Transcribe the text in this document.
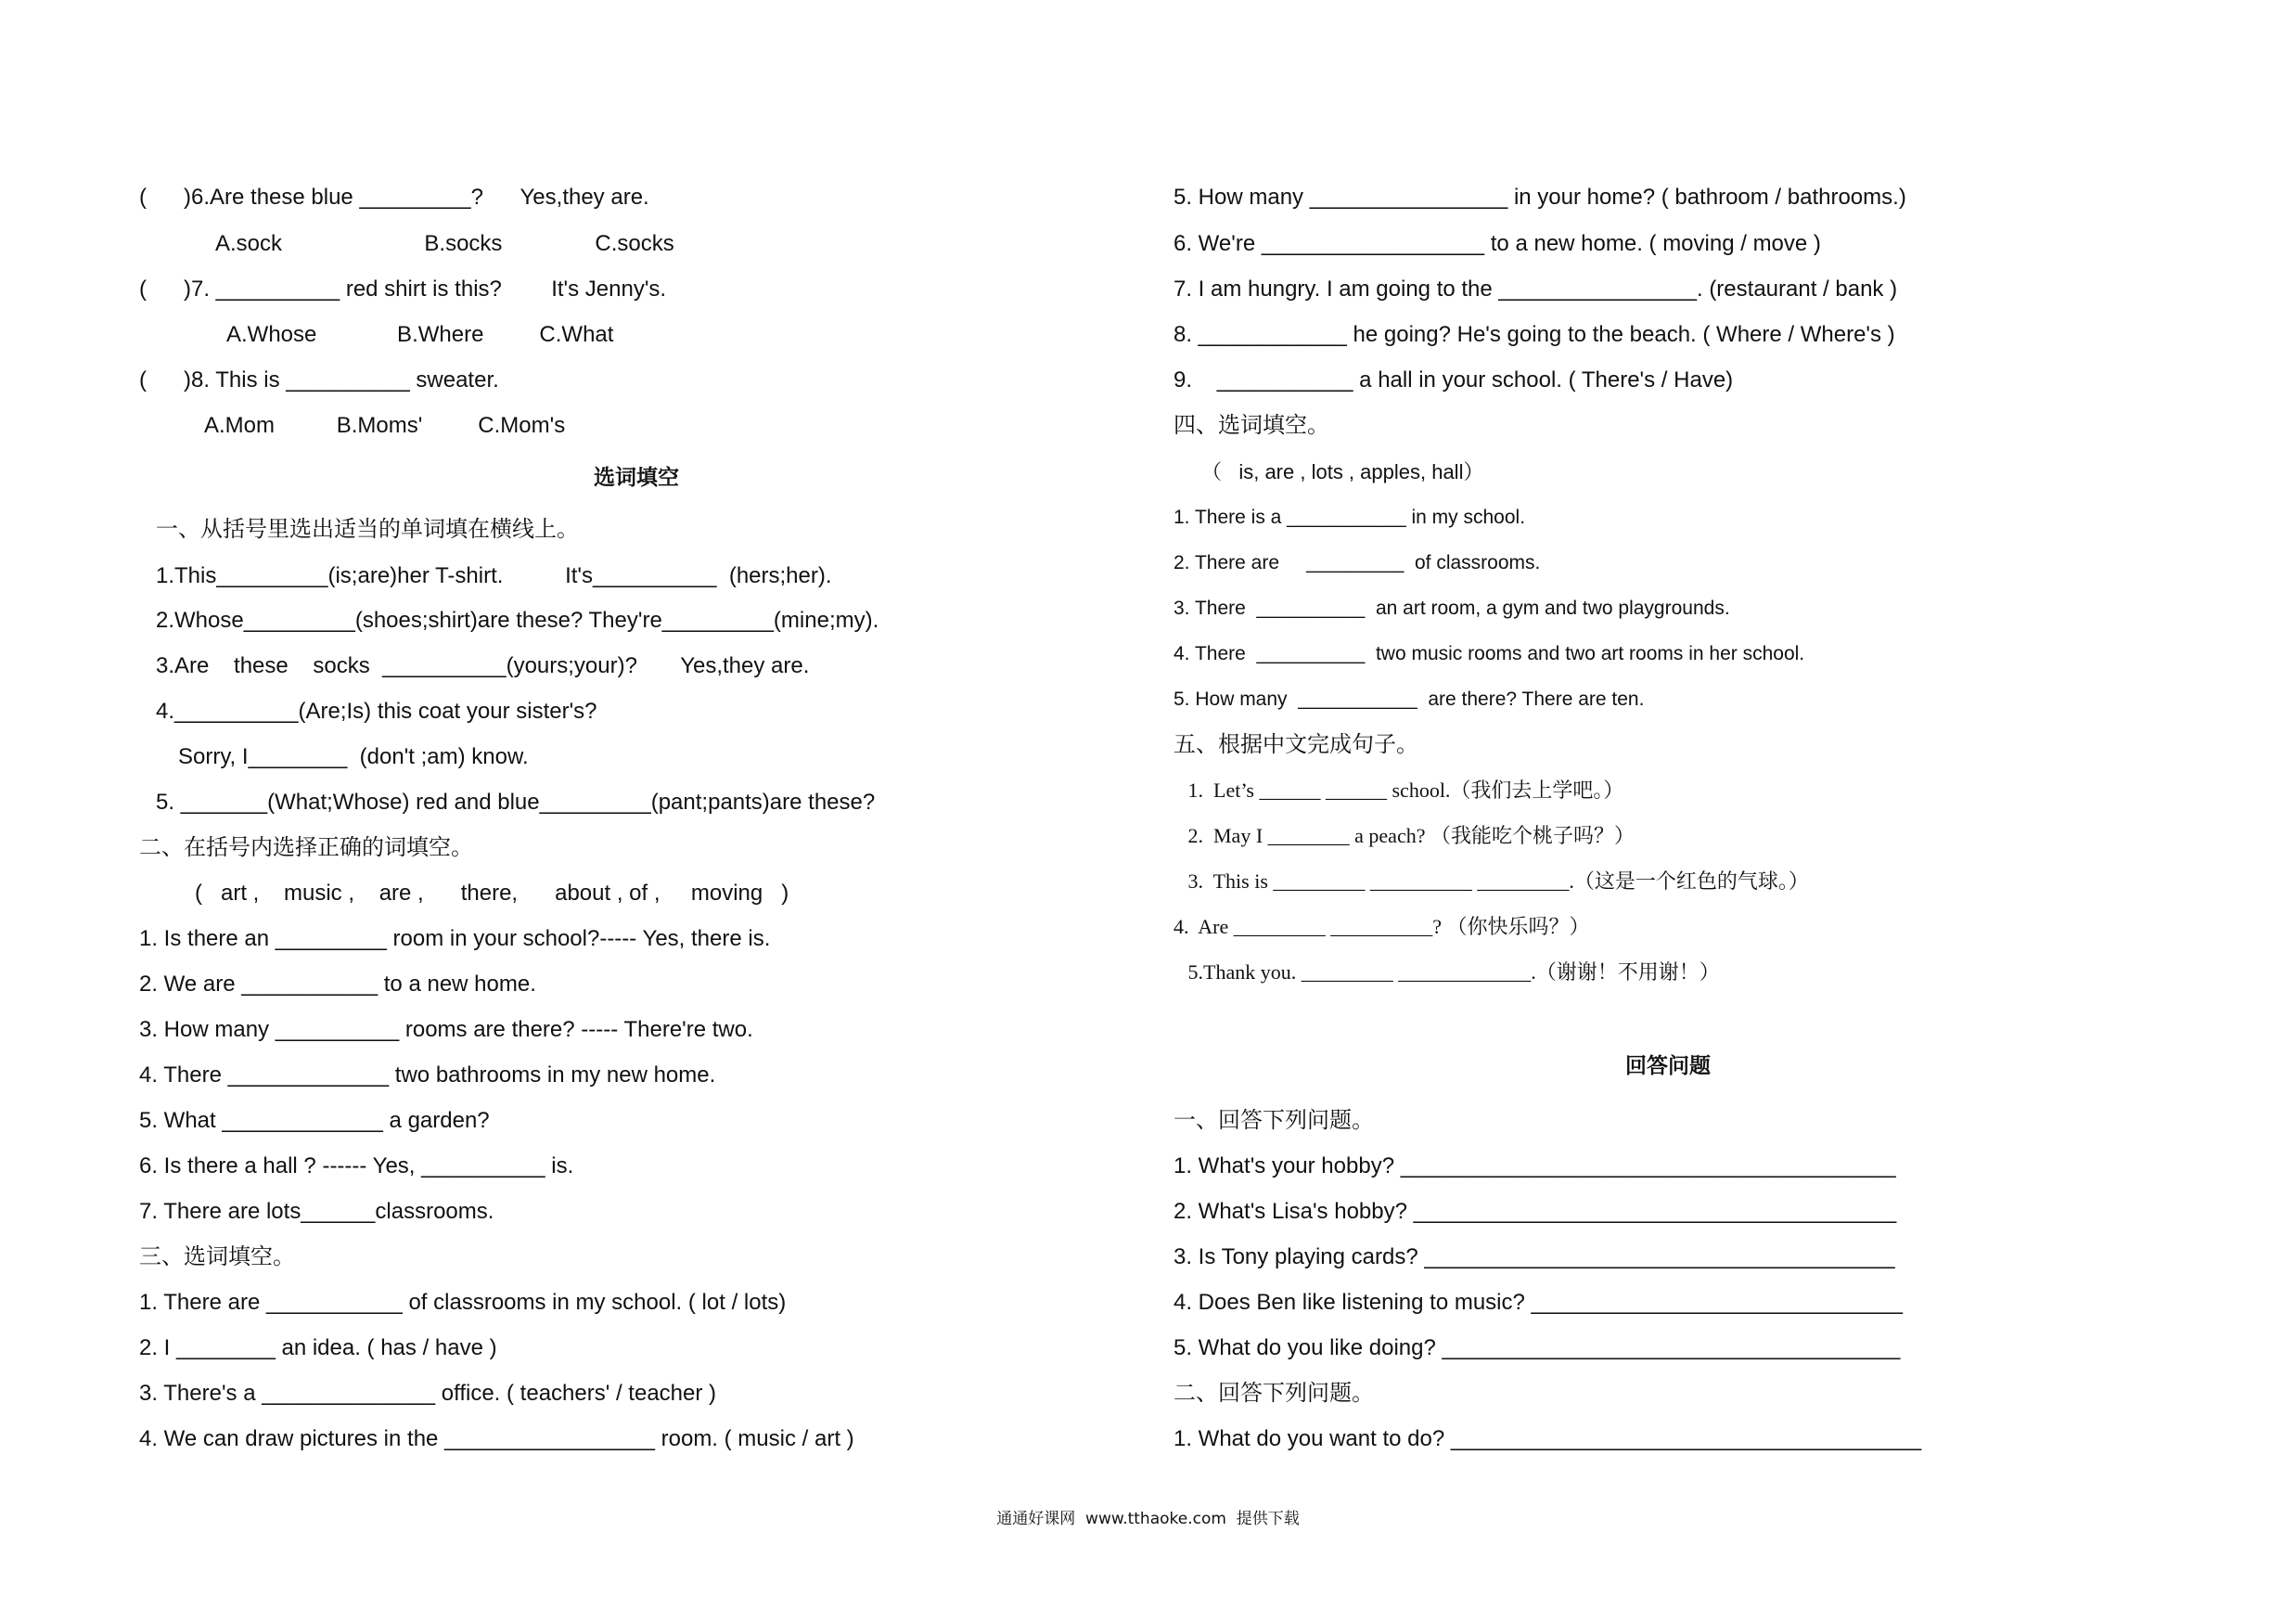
(      )6.Are these blue _________?      Yes,they are.
A.sock                       B.socks               C.socks
(      )7. __________ red shirt is this?        It's Jenny's.
A.Whose             B.Where         C.What
(      )8. This is __________ sweater.
A.Mom          B.Moms'         C.Mom's
选词填空
一、从括号里选出适当的单词填在横线上。
1.This_________(is;are)her T-shirt.          It's__________  (hers;her).
2.Whose_________(shoes;shirt)are these? They're_________(mine;my).
3.Are    these    socks  __________(yours;your)?       Yes,they are.
4.__________(Are;Is) this coat your sister's?
Sorry, I________  (don't ;am) know.
5. _______(What;Whose) red and blue_________(pant;pants)are these?
二、在括号内选择正确的词填空。
(   art ,    music ,    are ,      there,      about , of ,     moving   )
1. Is there an _________ room in your school?----- Yes, there is.
2. We are ___________ to a new home.
3. How many __________ rooms are there? ----- There're two.
4. There _____________ two bathrooms in my new home.
5. What _____________ a garden?
6. Is there a hall ? ------ Yes, __________ is.
7. There are lots______classrooms.
三、选词填空。
1. There are ___________ of classrooms in my school. ( lot / lots)
2. I ________ an idea. ( has / have )
3. There's a ______________ office. ( teachers' / teacher )
4. We can draw pictures in the _________________ room. ( music / art )
5. How many ________________ in your home? ( bathroom / bathrooms.)
6. We're __________________ to a new home. ( moving / move )
7. I am hungry. I am going to the ________________. (restaurant / bank )
8. ____________ he going? He's going to the beach. ( Where / Where's )
9.    ___________ a hall in your school. ( There's / Have)
四、选词填空。
（   is, are , lots , apples, hall）
1. There is a ___________ in my school.
2. There are     _________  of classrooms.
3. There  __________  an art room, a gym and two playgrounds.
4. There  __________  two music rooms and two art rooms in her school.
5. How many  ___________  are there? There are ten.
五、根据中文完成句子。
1.  Let’s ______ ______ school.（我们去上学吧。）
2.  May I ________ a peach? （我能吃个桃子吗？）
3.  This is _________ __________ _________.（这是一个红色的气球。）
4.  Are _________ __________? （你快乐吗？）
5.Thank you. _________ _____________.（谢谢！不用谢！）
回答问题
一、回答下列问题。
1. What's your hobby? ________________________________________
2. What's Lisa's hobby? _______________________________________
3. Is Tony playing cards? ______________________________________
4. Does Ben like listening to music? ______________________________
5. What do you like doing? _____________________________________
二、回答下列问题。
1. What do you want to do? ______________________________________
通通好课网  www.tthaoke.com  提供下载
